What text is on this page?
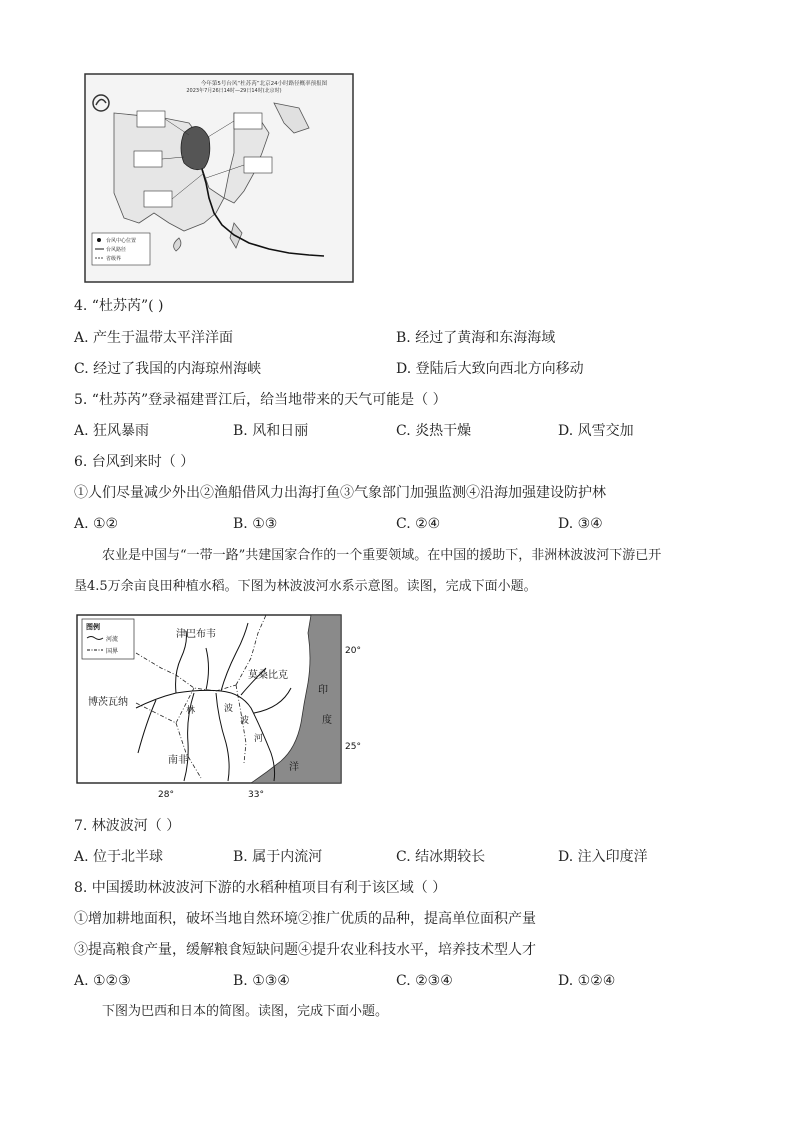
今年第5号台风“杜苏芮”北京24小时路径概率预报图
2023年7月26日14时—29日14时(北京时)
台风中心位置
台风路径
省级界
4. “杜苏芮”( )
A. 产生于温带太平洋洋面	B. 经过了黄海和东海海域
C. 经过了我国的内海琼州海峡	D. 登陆后大致向西北方向移动
5. “杜苏芮”登录福建晋江后，给当地带来的天气可能是（ ）
A. 狂风暴雨	B. 风和日丽	C. 炎热干燥	D. 风雪交加
6. 台风到来时（ ）
①人们尽量减少外出②渔船借风力出海打鱼③气象部门加强监测④沿海加强建设防护林
A. ①②	B. ①③	C. ②④	D. ③④
农业是中国与“一带一路”共建国家合作的一个重要领域。在中国的援助下，非洲林波波河下游已开
垦4.5万余亩良田种植水稻。下图为林波波河水系示意图。读图，完成下面小题。
印
度
洋
图例
河流
国界
津巴布韦
博茨瓦纳
莫桑比克
南非
林	波
波
河
20°
25°
28°	33°
7. 林波波河（ ）
A. 位于北半球	B. 属于内流河	C. 结冰期较长	D. 注入印度洋
8. 中国援助林波波河下游的水稻种植项目有利于该区域（ ）
①增加耕地面积，破坏当地自然环境②推广优质的品种，提高单位面积产量
③提高粮食产量，缓解粮食短缺问题④提升农业科技水平，培养技术型人才
A. ①②③	B. ①③④	C. ②③④	D. ①②④
下图为巴西和日本的简图。读图，完成下面小题。
